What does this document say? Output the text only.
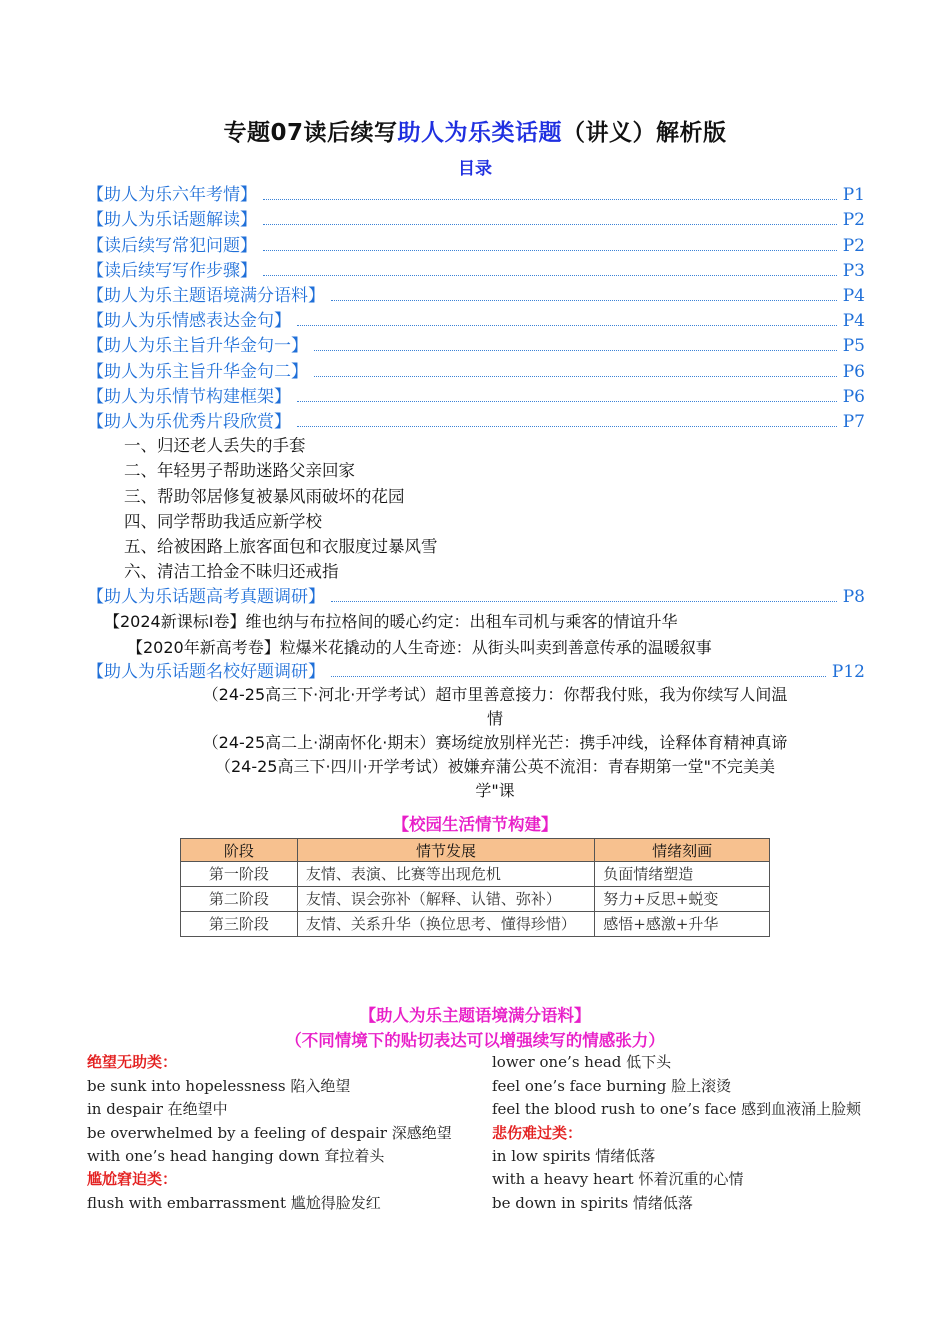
专题07读后续写助人为乐类话题（讲义）解析版
目录
【助人为乐六年考情】	P1
【助人为乐话题解读】	P2
【读后续写常犯问题】	P2
【读后续写写作步骤】	P3
【助人为乐主题语境满分语料】	P4
【助人为乐情感表达金句】	P4
【助人为乐主旨升华金句一】	P5
【助人为乐主旨升华金句二】	P6
【助人为乐情节构建框架】	P6
【助人为乐优秀片段欣赏】	P7
一、归还老人丢失的手套
二、年轻男子帮助迷路父亲回家
三、帮助邻居修复被暴风雨破坏的花园
四、同学帮助我适应新学校
五、给被困路上旅客面包和衣服度过暴风雪
六、清洁工拾金不昧归还戒指
【助人为乐话题高考真题调研】	P8
【2024新课标Ⅰ卷】维也纳与布拉格间的暖心约定：出租车司机与乘客的情谊升华
【2020年新高考卷】粒爆米花撬动的人生奇迹：从街头叫卖到善意传承的温暖叙事
【助人为乐话题名校好题调研】	P12
（24-25高三下·河北·开学考试）超市里善意接力：你帮我付账，我为你续写人间温
情
（24-25高二上·湖南怀化·期末）赛场绽放别样光芒：携手冲线，诠释体育精神真谛
（24-25高三下·四川·开学考试）被嫌弃蒲公英不流泪：青春期第一堂"不完美美
学"课
【校园生活情节构建】
阶段	情节发展	情绪刻画
第一阶段	友情、表演、比赛等出现危机	负面情绪塑造
第二阶段	友情、误会弥补（解释、认错、弥补）	努力+反思+蜕变
第三阶段	友情、关系升华（换位思考、懂得珍惜）	感悟+感激+升华
【助人为乐主题语境满分语料】
（不同情境下的贴切表达可以增强续写的情感张力）
绝望无助类：
be sunk into hopelessness 陷入绝望
in despair 在绝望中
be overwhelmed by a feeling of despair 深感绝望
with one’s head hanging down 耷拉着头
尴尬窘迫类：
flush with embarrassment 尴尬得脸发红
lower one’s head 低下头
feel one’s face burning 脸上滚烫
feel the blood rush to one’s face 感到血液涌上脸颊
悲伤难过类：
in low spirits 情绪低落
with a heavy heart 怀着沉重的心情
be down in spirits 情绪低落
